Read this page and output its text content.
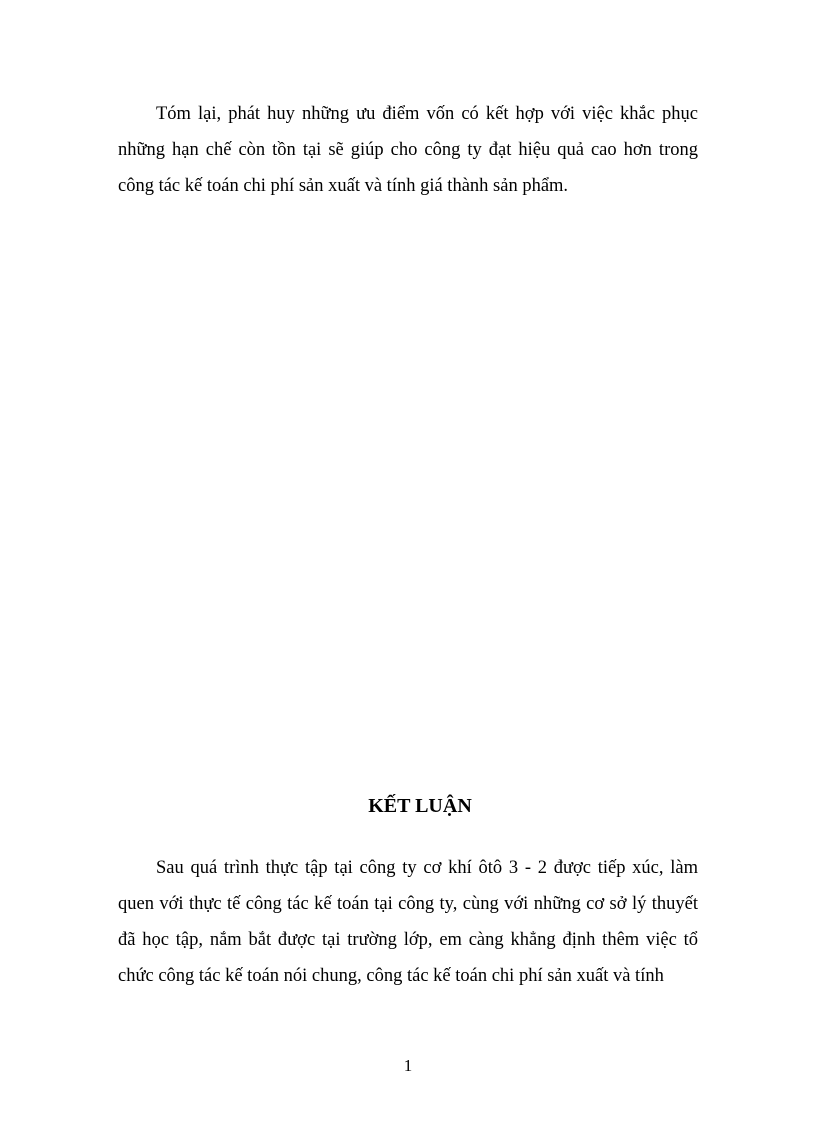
Tóm lại, phát huy những ưu điểm vốn có kết hợp với việc khắc phục
những hạn chế còn tồn tại sẽ giúp cho công ty đạt hiệu quả cao hơn trong
công tác kế toán chi phí sản xuất và tính giá thành sản phẩm.
KẾT LUẬN
Sau quá trình thực tập tại công ty cơ khí ôtô 3 - 2 được tiếp xúc, làm
quen với thực tế công tác kế toán tại công ty, cùng với những cơ sở lý thuyết
đã học tập, nắm bắt được tại trường lớp, em càng khẳng định thêm việc tổ
chức công tác kế toán nói chung, công tác kế toán chi phí sản xuất và tính
1
